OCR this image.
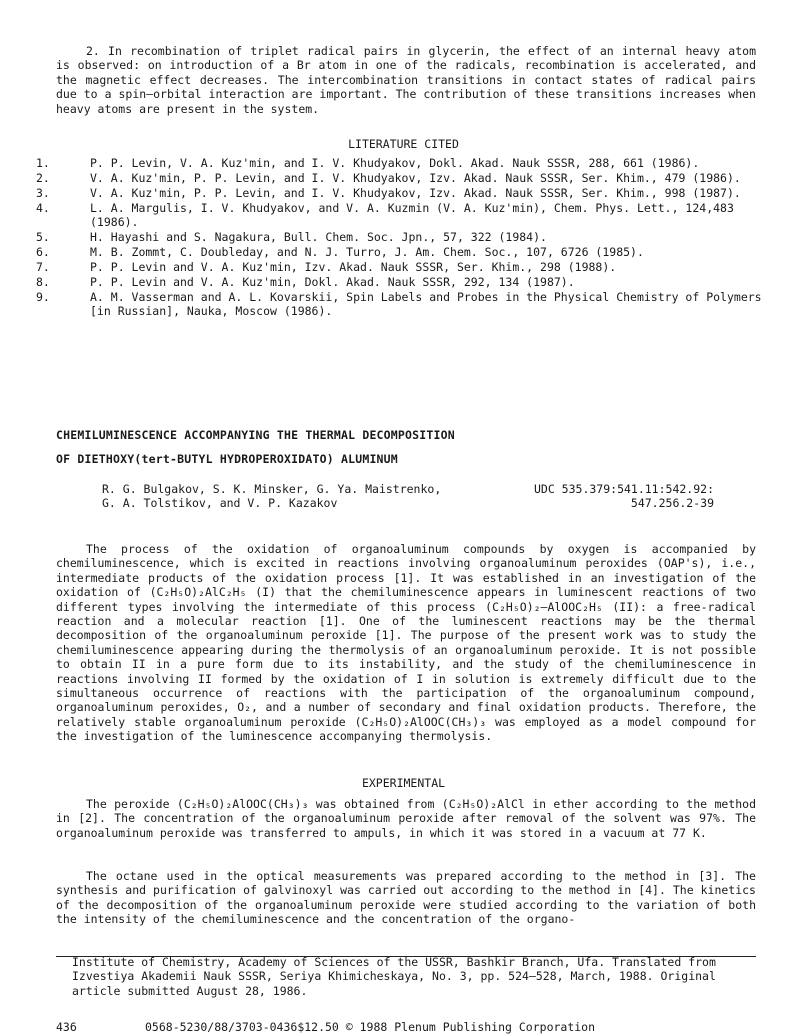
2. In recombination of triplet radical pairs in glycerin, the effect of an internal heavy atom is observed: on introduction of a Br atom in one of the radicals, recombination is accelerated, and the magnetic effect decreases. The intercombination transitions in contact states of radical pairs due to a spin–orbital interaction are important. The contribution of these transitions increases when heavy atoms are present in the system.

LITERATURE CITED

1.	P. P. Levin, V. A. Kuz'min, and I. V. Khudyakov, Dokl. Akad. Nauk SSSR, 288, 661 (1986).
2.	V. A. Kuz'min, P. P. Levin, and I. V. Khudyakov, Izv. Akad. Nauk SSSR, Ser. Khim., 479 (1986).
3.	V. A. Kuz'min, P. P. Levin, and I. V. Khudyakov, Izv. Akad. Nauk SSSR, Ser. Khim., 998 (1987).
4.	L. A. Margulis, I. V. Khudyakov, and V. A. Kuzmin (V. A. Kuz'min), Chem. Phys. Lett., 124,483 (1986).
5.	H. Hayashi and S. Nagakura, Bull. Chem. Soc. Jpn., 57, 322 (1984).
6.	M. B. Zommt, C. Doubleday, and N. J. Turro, J. Am. Chem. Soc., 107, 6726 (1985).
7.	P. P. Levin and V. A. Kuz'min, Izv. Akad. Nauk SSSR, Ser. Khim., 298 (1988).
8.	P. P. Levin and V. A. Kuz'min, Dokl. Akad. Nauk SSSR, 292, 134 (1987).
9.	A. M. Vasserman and A. L. Kovarskii, Spin Labels and Probes in the Physical Chemistry of Polymers [in Russian], Nauka, Moscow (1986).

CHEMILUMINESCENCE ACCOMPANYING THE THERMAL DECOMPOSITION

OF DIETHOXY(tert-BUTYL HYDROPEROXIDATO) ALUMINUM

R. G. Bulgakov, S. K. Minsker, G. Ya. Maistrenko,
G. A. Tolstikov, and V. P. Kazakov
UDC 535.379:541.11:542.92:
547.256.2-39

The process of the oxidation of organoaluminum compounds by oxygen is accompanied by chemiluminescence, which is excited in reactions involving organoaluminum peroxides (OAP's), i.e., intermediate products of the oxidation process [1]. It was established in an investigation of the oxidation of (C₂H₅O)₂AlC₂H₅ (I) that the chemiluminescence appears in luminescent reactions of two different types involving the intermediate of this process (C₂H₅O)₂–AlOOC₂H₅ (II): a free-radical reaction and a molecular reaction [1]. One of the luminescent reactions may be the thermal decomposition of the organoaluminum peroxide [1]. The purpose of the present work was to study the chemiluminescence appearing during the thermolysis of an organoaluminum peroxide. It is not possible to obtain II in a pure form due to its instability, and the study of the chemiluminescence in reactions involving II formed by the oxidation of I in solution is extremely difficult due to the simultaneous occurrence of reactions with the participation of the organoaluminum compound, organoaluminum peroxides, O₂, and a number of secondary and final oxidation products. Therefore, the relatively stable organoaluminum peroxide (C₂H₅O)₂AlOOC(CH₃)₃ was employed as a model compound for the investigation of the luminescence accompanying thermolysis.

EXPERIMENTAL

The peroxide (C₂H₅O)₂AlOOC(CH₃)₃ was obtained from (C₂H₅O)₂AlCl in ether according to the method in [2]. The concentration of the organoaluminum peroxide after removal of the solvent was 97%. The organoaluminum peroxide was transferred to ampuls, in which it was stored in a vacuum at 77 K.

The octane used in the optical measurements was prepared according to the method in [3]. The synthesis and purification of galvinoxyl was carried out according to the method in [4]. The kinetics of the decomposition of the organoaluminum peroxide were studied according to the variation of both the intensity of the chemiluminescence and the concentration of the organo-

Institute of Chemistry, Academy of Sciences of the USSR, Bashkir Branch, Ufa. Translated from Izvestiya Akademii Nauk SSSR, Seriya Khimicheskaya, No. 3, pp. 524–528, March, 1988. Original article submitted August 28, 1986.

436	0568-5230/88/3703-0436$12.50 © 1988 Plenum Publishing Corporation
